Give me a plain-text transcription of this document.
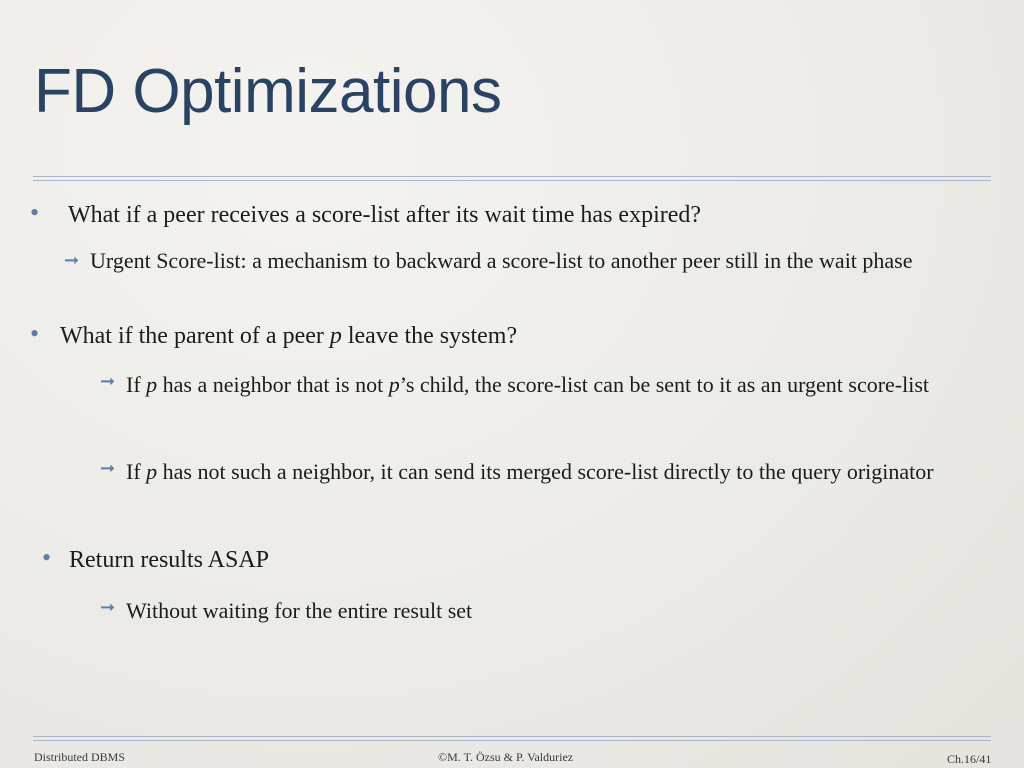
FD Optimizations
•	What if a peer receives a score-list after its wait time has expired?
➞ Urgent Score-list: a mechanism to backward a score-list to another peer still in the wait phase
• What if the parent of a peer p leave the system?
➞ If p has a neighbor that is not p’s child, the score-list can be sent to it as an urgent score-list
➞ If p has not such a neighbor, it can send its merged score-list directly to the query originator
• Return results ASAP
➞ Without waiting for the entire result set
Distributed DBMS	©M. T. Özsu & P. Valduriez	Ch.16/41
